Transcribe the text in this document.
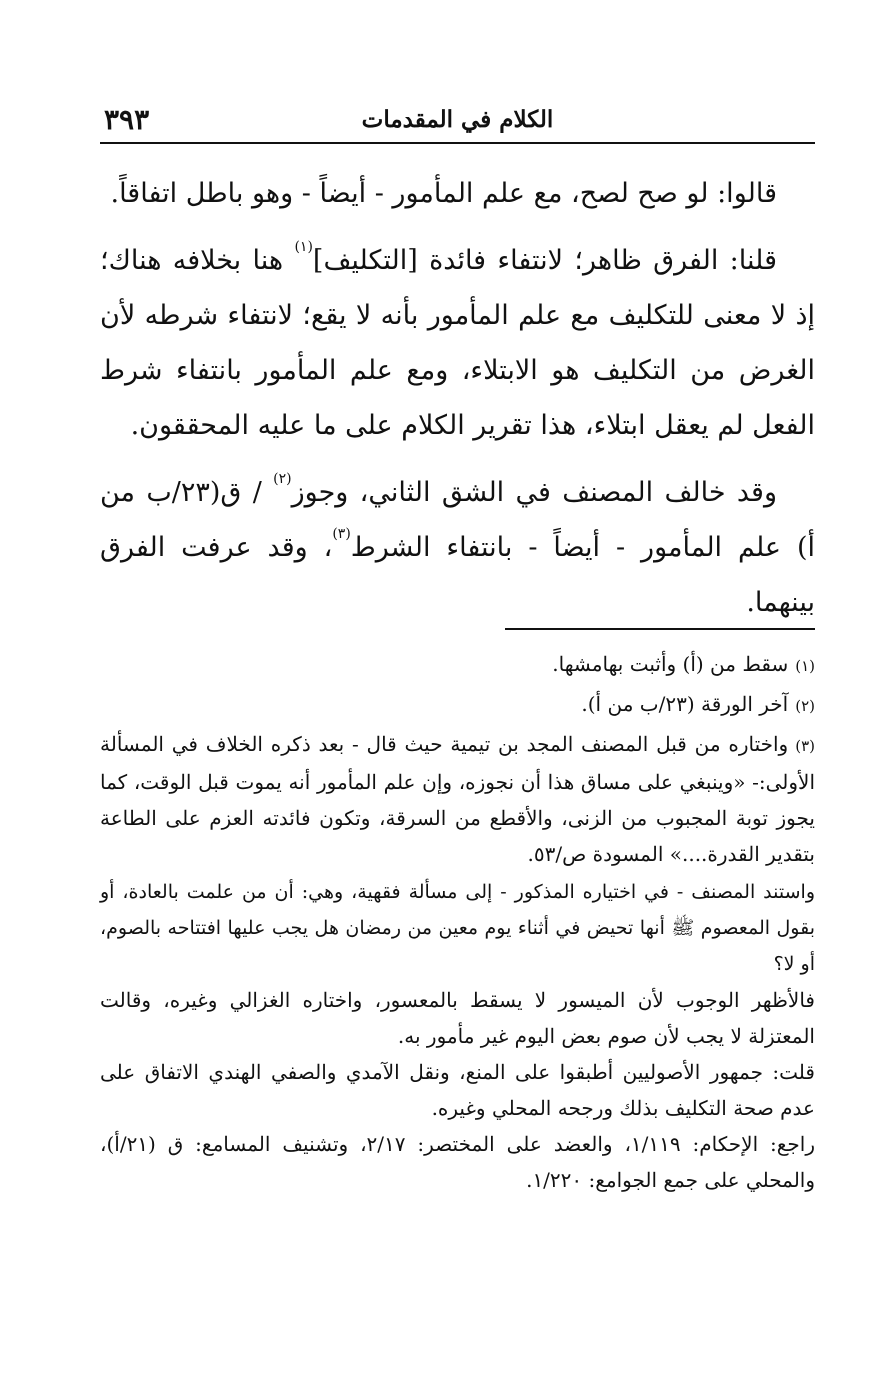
الكلام في المقدمات
٣٩٣

قالوا: لو صح لصح، مع علم المأمور - أيضاً - وهو باطل اتفاقاً.

قلنا: الفرق ظاهر؛ لانتفاء فائدة [التكليف]$^{(١)}$ هنا بخلافه هناك؛ إذ لا معنى للتكليف مع علم المأمور بأنه لا يقع؛ لانتفاء شرطه لأن الغرض من التكليف هو الابتلاء، ومع علم المأمور بانتفاء شرط الفعل لم يعقل ابتلاء، هذا تقرير الكلام على ما عليه المحققون.

وقد خالف المصنف في الشق الثاني، وجوز$^{(٢)}$ / ق(٢٣/ب من أ) علم المأمور - أيضاً - بانتفاء الشرط$^{(٣)}$، وقد عرفت الفرق بينهما.

(١)سقط من (أ) وأثبت بهامشها.

(٢)آخر الورقة (٢٣/ب من أ).

(٣)واختاره من قبل المصنف المجد بن تيمية حيث قال - بعد ذكره الخلاف في المسألة الأولى:- «وينبغي على مساق هذا أن نجوزه، وإن علم المأمور أنه يموت قبل الوقت، كما يجوز توبة المجبوب من الزنى، والأقطع من السرقة، وتكون فائدته العزم على الطاعة بتقدير القدرة....» المسودة ص/٥٣.

واستند المصنف - في اختياره المذكور - إلى مسألة فقهية، وهي: أن من علمت بالعادة، أو بقول المعصوم ﷺ أنها تحيض في أثناء يوم معين من رمضان هل يجب عليها افتتاحه بالصوم، أو لا؟

فالأظهر الوجوب لأن الميسور لا يسقط بالمعسور، واختاره الغزالي وغيره، وقالت المعتزلة لا يجب لأن صوم بعض اليوم غير مأمور به.

قلت: جمهور الأصوليين أطبقوا على المنع، ونقل الآمدي والصفي الهندي الاتفاق على عدم صحة التكليف بذلك ورجحه المحلي وغيره.

راجع: الإحكام: ١/١١٩، والعضد على المختصر: ٢/١٧، وتشنيف المسامع: ق (٢١/أ)، والمحلي على جمع الجوامع: ١/٢٢٠.
